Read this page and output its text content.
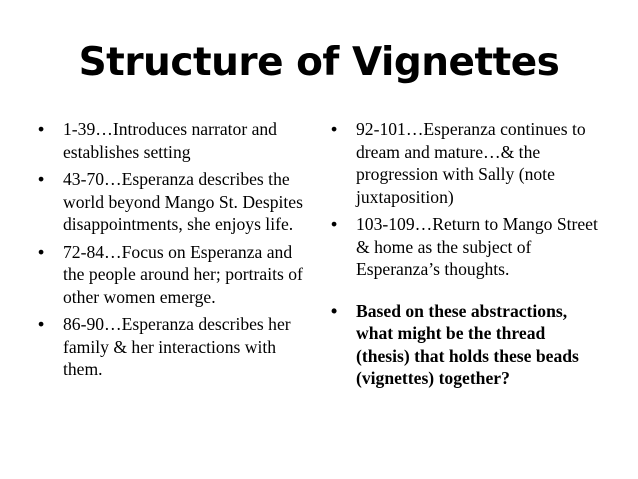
Structure of Vignettes
• 1-39…Introduces narrator and establishes setting
• 43-70…Esperanza describes the world beyond Mango St. Despites disappointments, she enjoys life.
• 72-84…Focus on Esperanza and the people around her; portraits of other women emerge.
• 86-90…Esperanza describes her family & her interactions with them.
• 92-101…Esperanza continues to dream and mature…& the progression with Sally (note juxtaposition)
• 103-109…Return to Mango Street & home as the subject of Esperanza’s thoughts.
• Based on these abstractions, what might be the thread (thesis) that holds these beads (vignettes) together?
